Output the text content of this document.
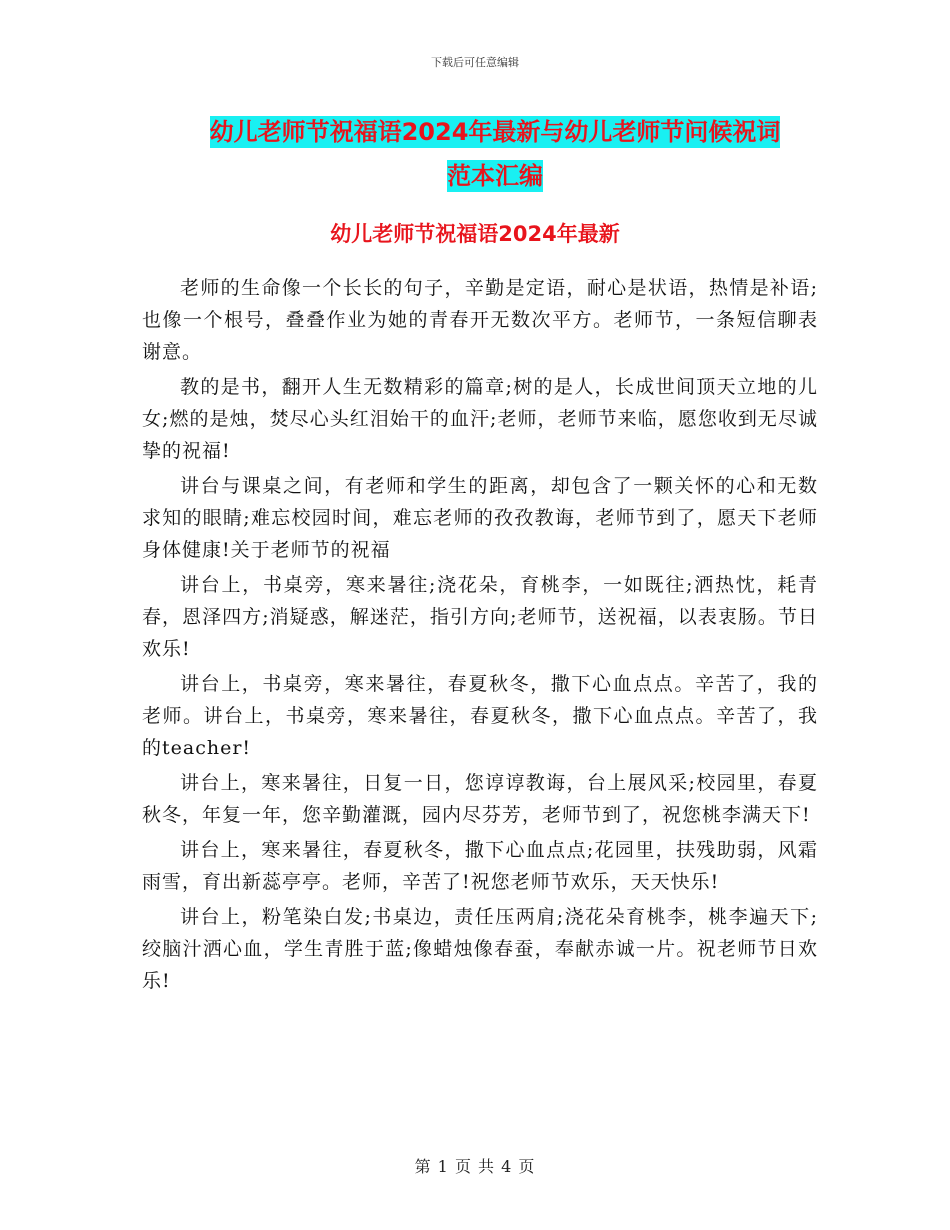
下载后可任意编辑
幼儿老师节祝福语2024年最新与幼儿老师节问候祝词
范本汇编
幼儿老师节祝福语2024年最新

老师的生命像一个长长的句子，辛勤是定语，耐心是状语，热情是补语;也像一个根号，叠叠作业为她的青春开无数次平方。老师节，一条短信聊表谢意。

教的是书，翻开人生无数精彩的篇章;树的是人，长成世间顶天立地的儿女;燃的是烛，焚尽心头红泪始干的血汗;老师，老师节来临，愿您收到无尽诚挚的祝福!

讲台与课桌之间，有老师和学生的距离，却包含了一颗关怀的心和无数求知的眼睛;难忘校园时间，难忘老师的孜孜教诲，老师节到了，愿天下老师身体健康!关于老师节的祝福

讲台上，书桌旁，寒来暑往;浇花朵，育桃李，一如既往;洒热忱，耗青春，恩泽四方;消疑惑，解迷茫，指引方向;老师节，送祝福，以表衷肠。节日欢乐!

讲台上，书桌旁，寒来暑往，春夏秋冬，撒下心血点点。辛苦了，我的老师。讲台上，书桌旁，寒来暑往，春夏秋冬，撒下心血点点。辛苦了，我的teacher!

讲台上，寒来暑往，日复一日，您谆谆教诲，台上展风采;校园里，春夏秋冬，年复一年，您辛勤灌溉，园内尽芬芳，老师节到了，祝您桃李满天下!

讲台上，寒来暑往，春夏秋冬，撒下心血点点;花园里，扶残助弱，风霜雨雪，育出新蕊亭亭。老师，辛苦了!祝您老师节欢乐，天天快乐!

讲台上，粉笔染白发;书桌边，责任压两肩;浇花朵育桃李，桃李遍天下;绞脑汁洒心血，学生青胜于蓝;像蜡烛像春蚕，奉献赤诚一片。祝老师节日欢乐!

第 1 页 共 4 页
